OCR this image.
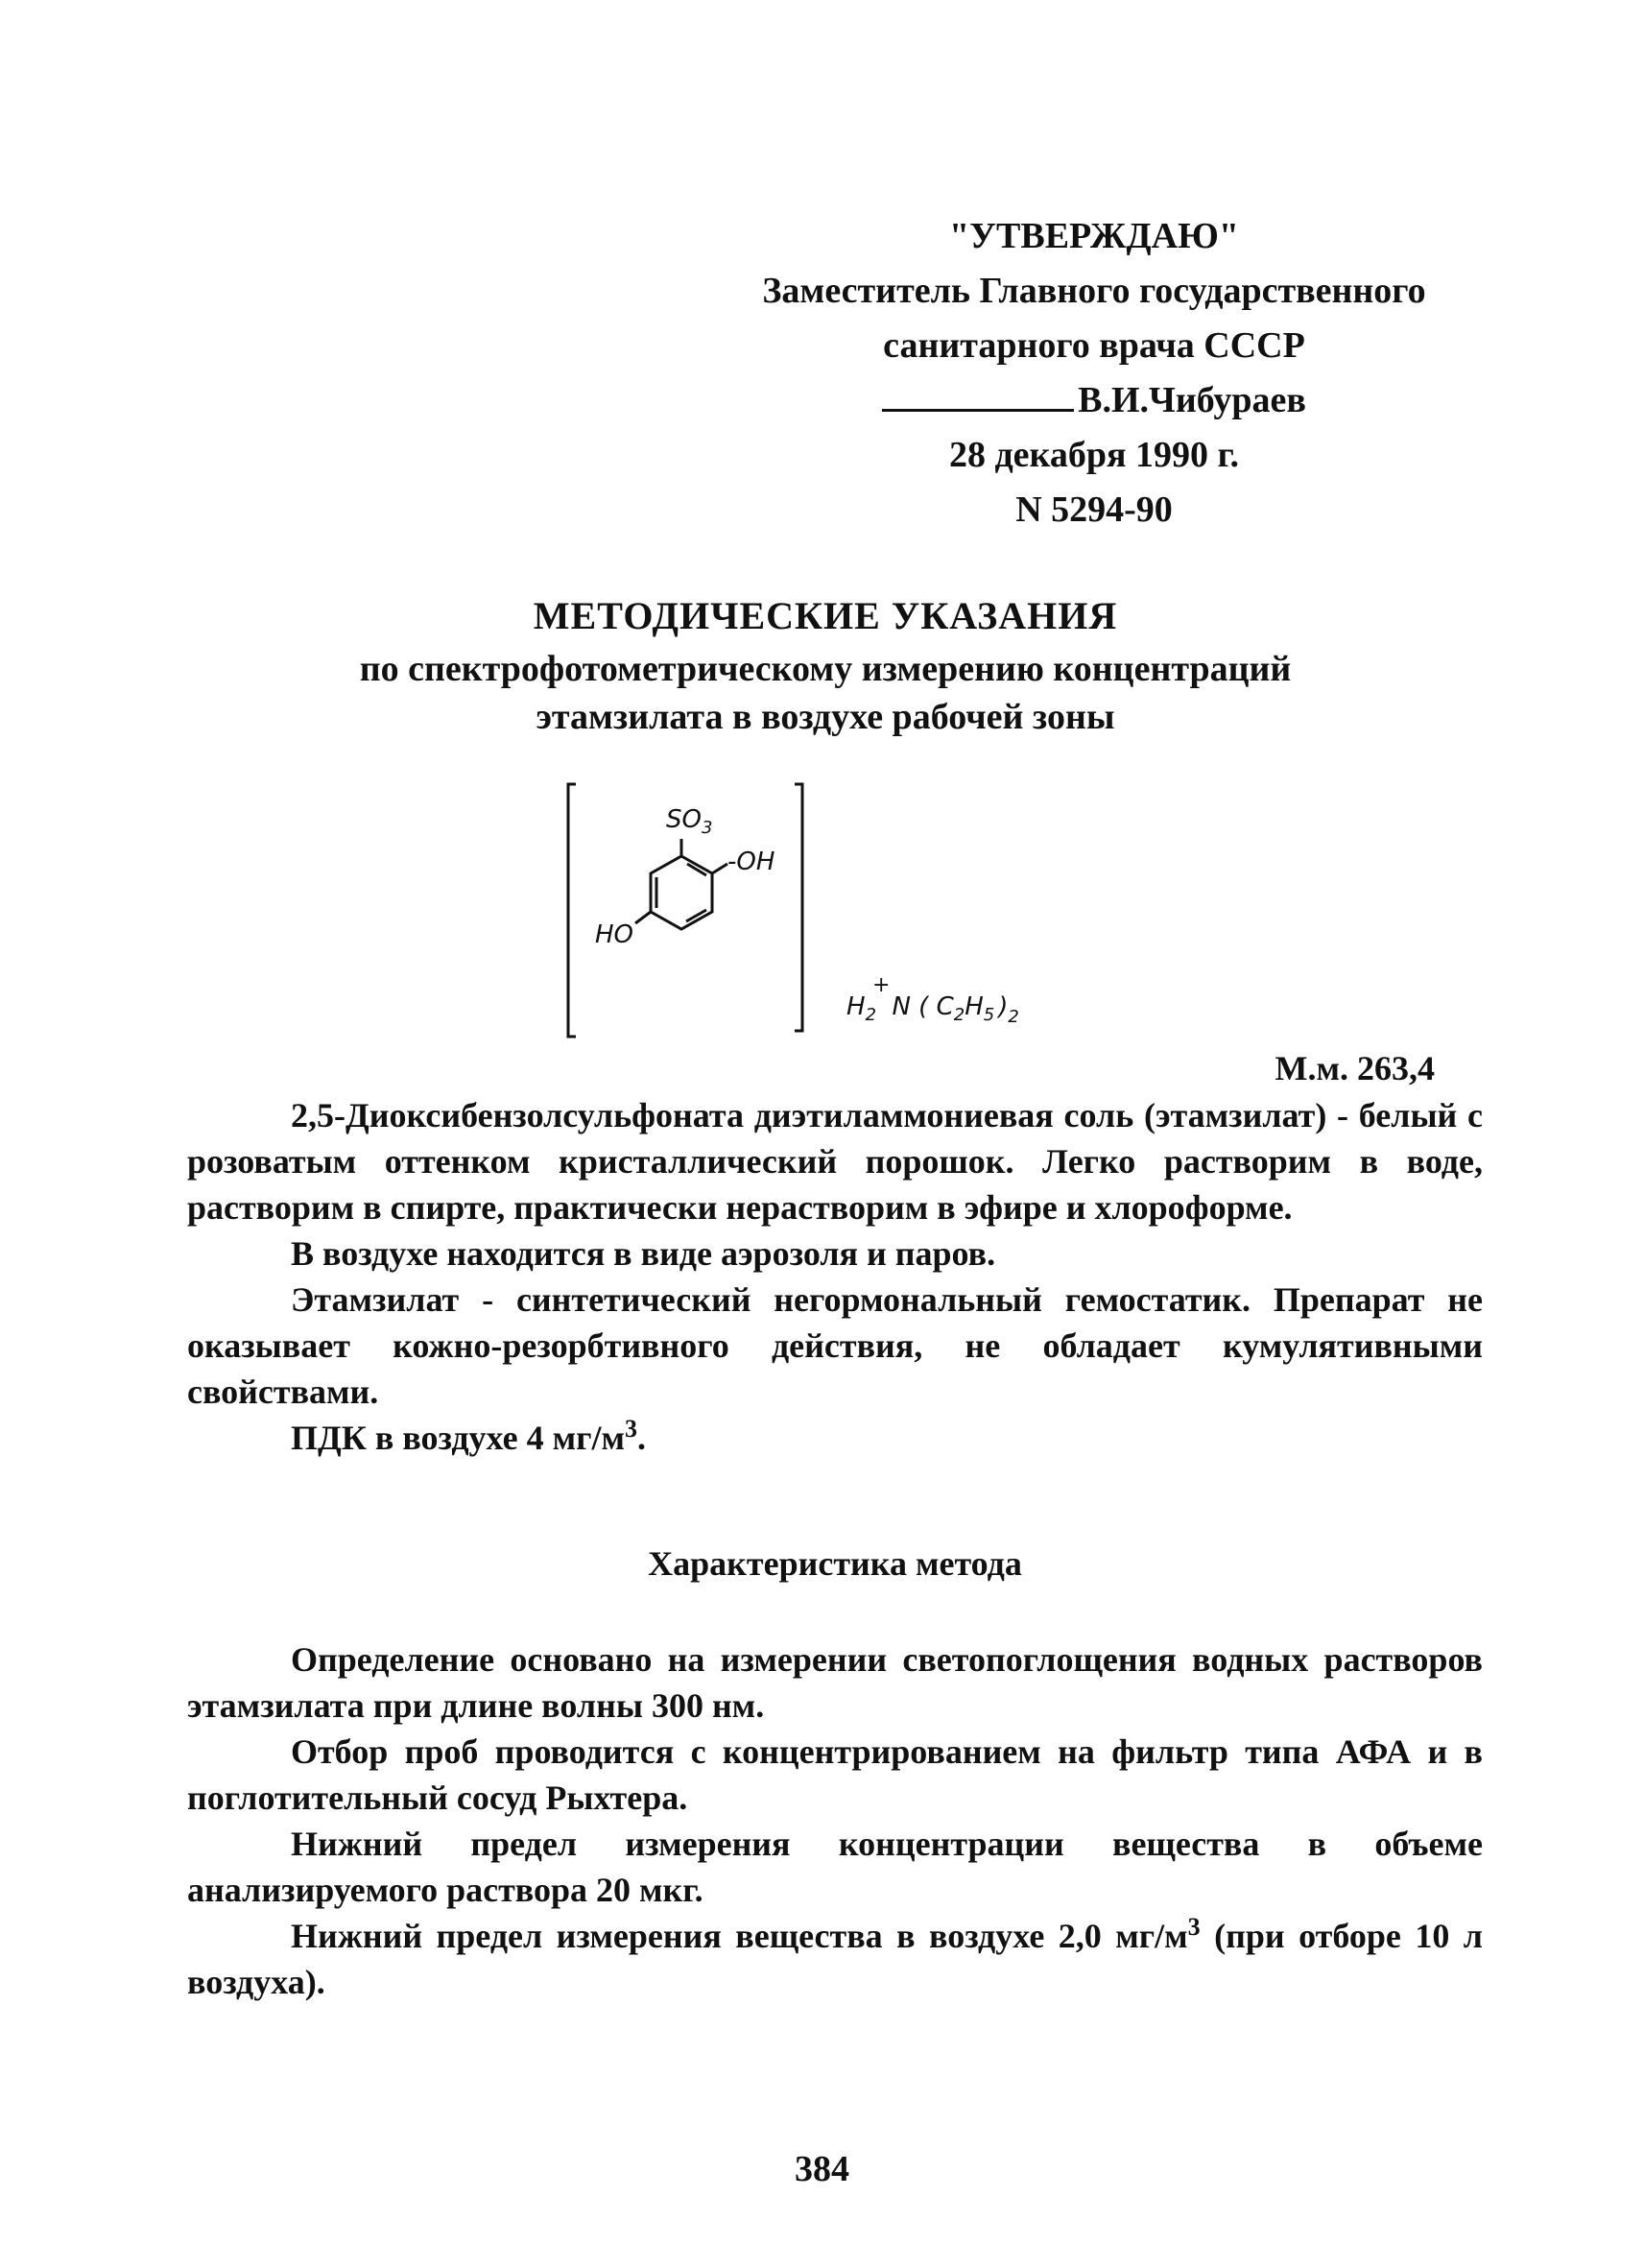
"УТВЕРЖДАЮ"
Заместитель Главного государственного
санитарного врача СССР
В.И.Чибураев
28 декабря 1990 г.
N 5294-90
МЕТОДИЧЕСКИЕ УКАЗАНИЯ
по спектрофотометрическому измерению концентраций
этамзилата в воздухе рабочей зоны
$SO_3$
-OH
HO
$H_2+N$ ( $C_2H_5$ )$_2$
М.м. 263,4

2,5-Диоксибензолсульфоната диэтиламмониевая соль (этамзилат) - белый с розоватым оттенком кристаллический порошок. Легко растворим в воде, растворим в спирте, практически нерастворим в эфире и хлороформе.

В воздухе находится в виде аэрозоля и паров.

Этамзилат - синтетический негормональный гемостатик. Препарат не оказывает кожно-резорбтивного действия, не обладает кумулятивными свойствами.

ПДК в воздухе 4 $мг/м^3$.

Характеристика метода

Определение основано на измерении светопоглощения водных растворов этамзилата при длине волны 300 нм.

Отбор проб проводится с концентрированием на фильтр типа АФА и в поглотительный сосуд Рыхтера.

Нижний предел измерения концентрации вещества в объеме анализируемого раствора 20 мкг.

Нижний предел измерения вещества в воздухе 2,0 $мг/м^3$ (при отборе 10 л воздуха).

384
